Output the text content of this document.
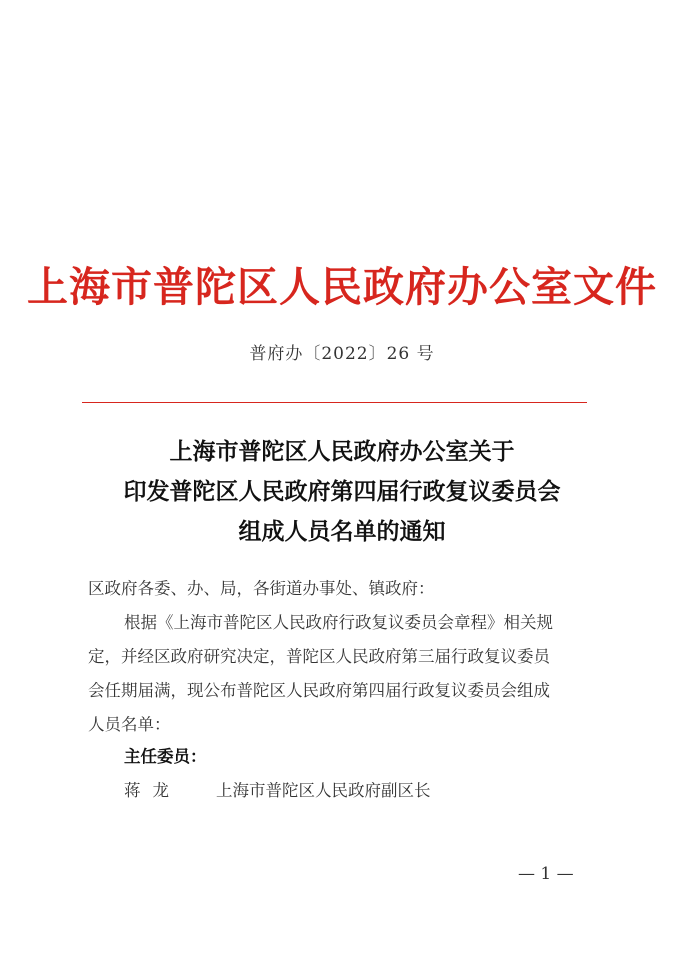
上海市普陀区人民政府办公室文件
普府办〔2022〕26 号
上海市普陀区人民政府办公室关于
印发普陀区人民政府第四届行政复议委员会
组成人员名单的通知
区政府各委、办、局，各街道办事处、镇政府：
根据《上海市普陀区人民政府行政复议委员会章程》相关规
定，并经区政府研究决定，普陀区人民政府第三届行政复议委员
会任期届满，现公布普陀区人民政府第四届行政复议委员会组成
人员名单：
主任委员：
蒋龙 上海市普陀区人民政府副区长
— 1 —
